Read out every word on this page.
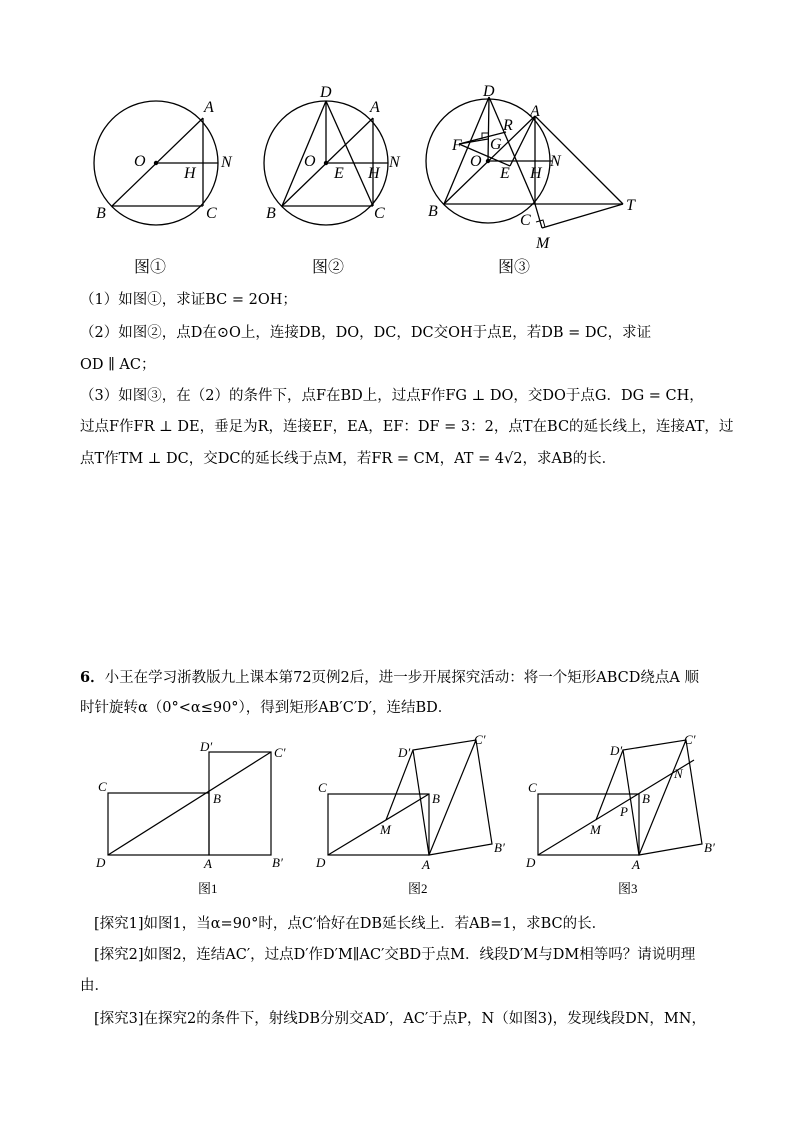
A
N
O
H
B	C
图①
D
A
N
O
E H
B	C
图②
D
A
R
F G
O
E H
N
B
C
T
M
图③
（1）如图①，求证BC = 2OH；
（2）如图②，点D在⊙O上，连接DB，DO，DC，DC交OH于点E，若DB = DC，求证
OD ∥ AC；
（3）如图③，在（2）的条件下，点F在BD上，过点F作FG ⊥ DO，交DO于点G．DG = CH，
过点F作FR ⊥ DE，垂足为R，连接EF，EA，EF：DF = 3：2，点T在BC的延长线上，连接AT，过
点T作TM ⊥ DC，交DC的延长线于点M，若FR = CM，AT = 4√2，求AB的长．
6．小王在学习浙教版九上课本第72页例2后，进一步开展探究活动：将一个矩形ABCD绕点A 顺
时针旋转α（0°<α≤90°），得到矩形AB′C′D′，连结BD．
C
D	A
B
D′	C′
B′
图1
C
D	A
B
D′
C′
B′
M
图2
C
D	A
B
D′
C′
B′
M
P
N
图3
[探究1]如图1，当α=90°时，点C′恰好在DB延长线上．若AB=1，求BC的长．
[探究2]如图2，连结AC′，过点D′作D′M∥AC′交BD于点M．线段D′M与DM相等吗？请说明理
由．
[探究3]在探究2的条件下，射线DB分别交AD′，AC′于点P，N（如图3)，发现线段DN，MN，
